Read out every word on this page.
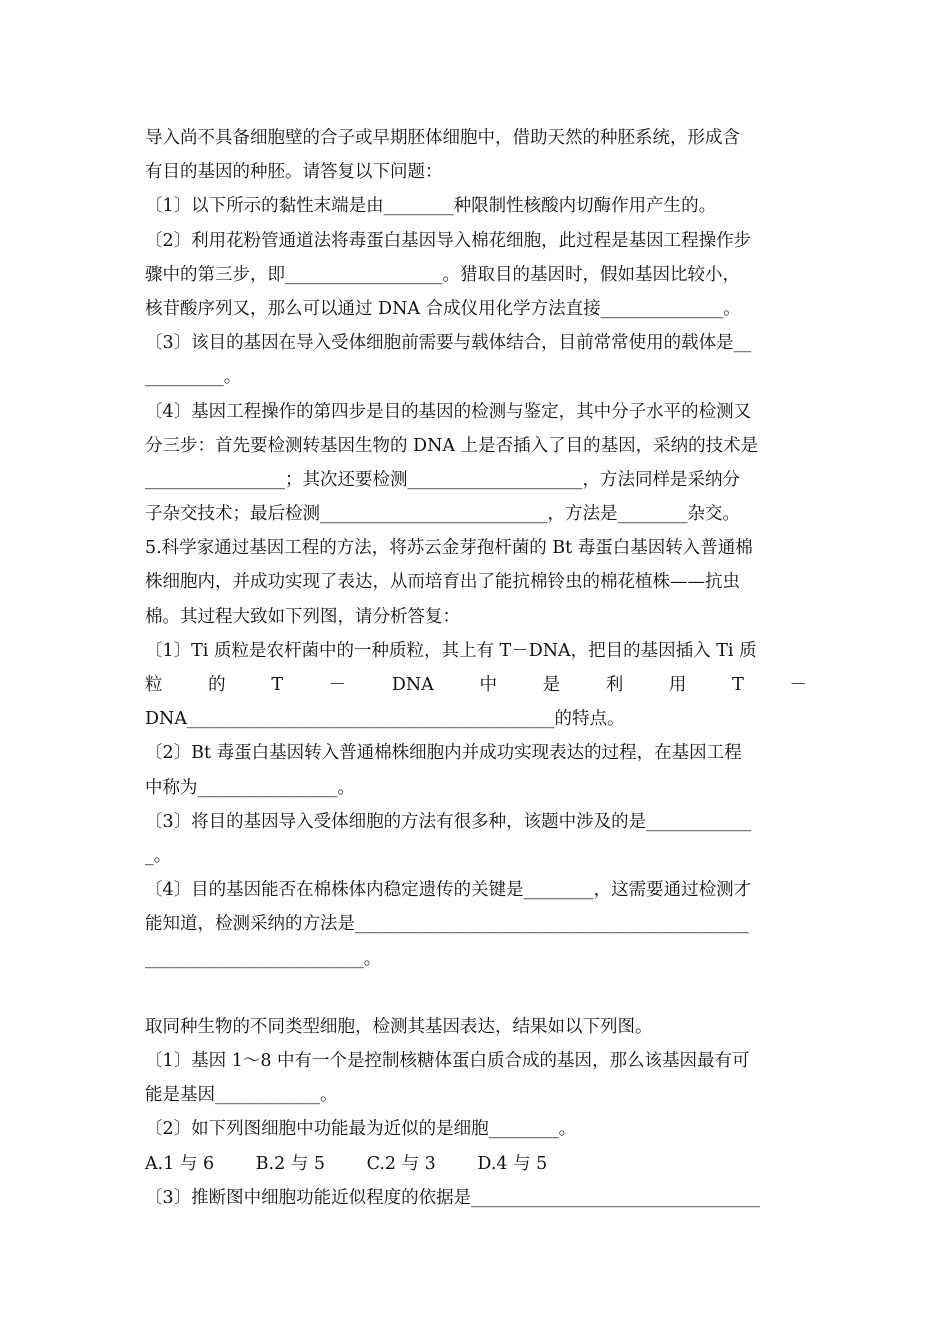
导入尚不具备细胞壁的合子或早期胚体细胞中，借助天然的种胚系统，形成含
有目的基因的种胚。请答复以下问题：
〔1〕以下所示的黏性末端是由________种限制性核酸内切酶作用产生的。
〔2〕利用花粉管通道法将毒蛋白基因导入棉花细胞，此过程是基因工程操作步
骤中的第三步，即__________________。猎取目的基因时，假如基因比较小，
核苷酸序列又，那么可以通过 DNA 合成仪用化学方法直接______________。
〔3〕该目的基因在导入受体细胞前需要与载体结合，目前常常使用的载体是__
_________。
〔4〕基因工程操作的第四步是目的基因的检测与鉴定，其中分子水平的检测又
分三步：首先要检测转基因生物的 DNA 上是否插入了目的基因，采纳的技术是
________________；其次还要检测____________________，方法同样是采纳分
子杂交技术；最后检测__________________________，方法是________杂交。
5.科学家通过基因工程的方法，将苏云金芽孢杆菌的 Bt 毒蛋白基因转入普通棉
株细胞内，并成功实现了表达，从而培育出了能抗棉铃虫的棉花植株——抗虫
棉。其过程大致如下列图，请分析答复：
〔1〕Ti 质粒是农杆菌中的一种质粒，其上有 T－DNA，把目的基因插入 Ti 质
粒	的	T	－	DNA	中	是	利	用	T	－
DNA__________________________________________的特点。
〔2〕Bt 毒蛋白基因转入普通棉株细胞内并成功实现表达的过程，在基因工程
中称为________________。
〔3〕将目的基因导入受体细胞的方法有很多种，该题中涉及的是____________
_。
〔4〕目的基因能否在棉株体内稳定遗传的关键是________，这需要通过检测才
能知道，检测采纳的方法是_____________________________________________
_________________________。
取同种生物的不同类型细胞，检测其基因表达，结果如以下列图。
〔1〕基因 1～8 中有一个是控制核糖体蛋白质合成的基因，那么该基因最有可
能是基因____________。
〔2〕如下列图细胞中功能最为近似的是细胞________。
A.1 与 6 B.2 与 5 C.2 与 3 D.4 与 5
〔3〕推断图中细胞功能近似程度的依据是_________________________________
